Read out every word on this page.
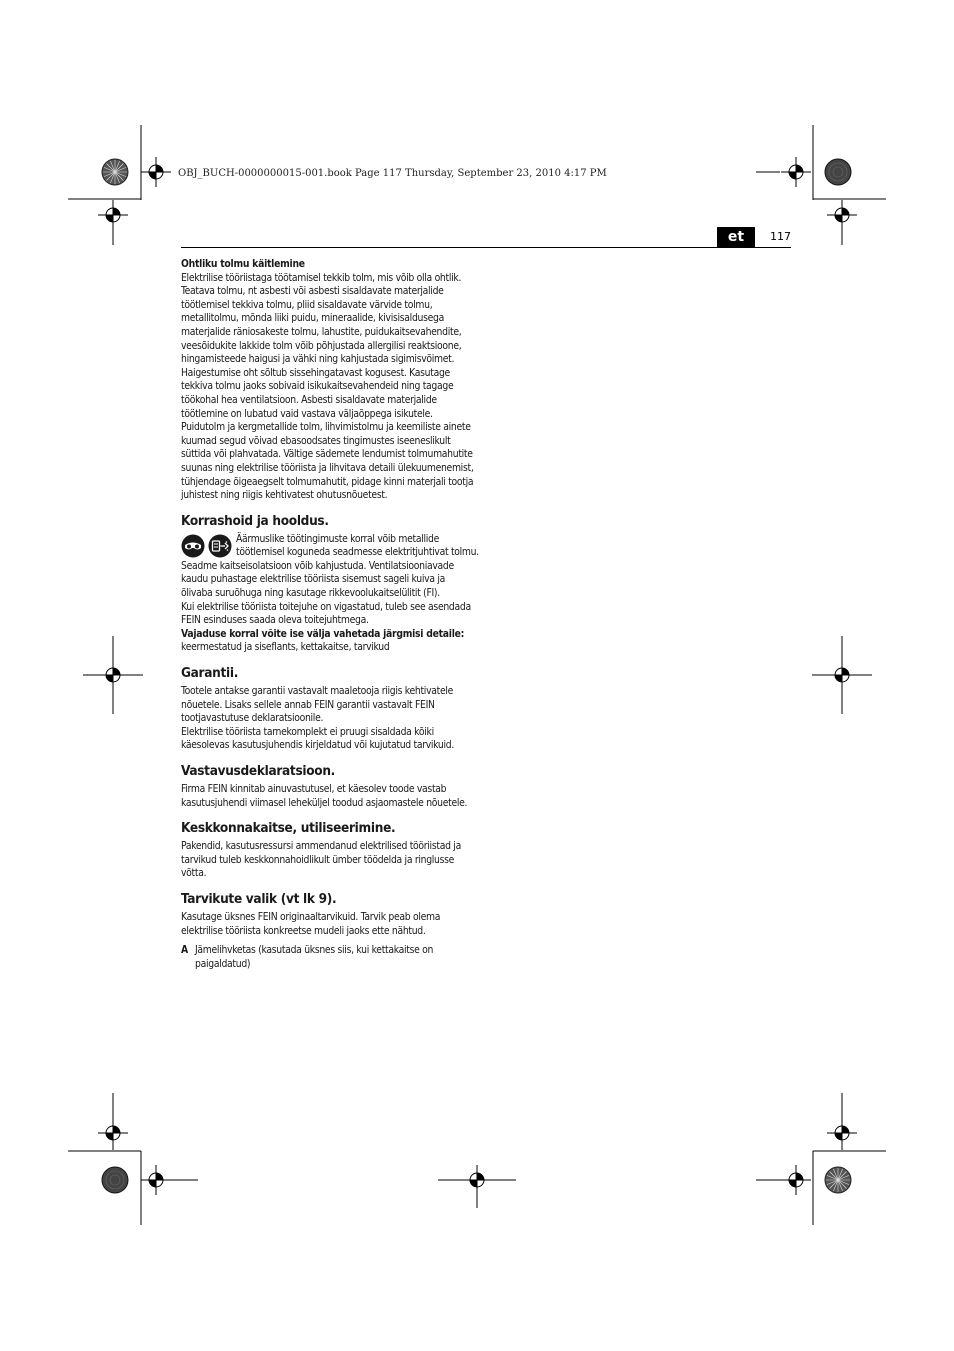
OBJ_BUCH-0000000015-001.book Page 117 Thursday, September 23, 2010 4:17 PM
et	117

Ohtliku tolmu käitlemine

Elektrilise tööriistaga töötamisel tekkib tolm, mis võib olla ohtlik.

Teatava tolmu, nt asbesti või asbesti sisaldavate materjalide töötlemisel tekkiva tolmu, pliid sisaldavate värvide tolmu, metallitolmu, mõnda liiki puidu, mineraalide, kivisisaldusega materjalide räniosakeste tolmu, lahustite, puidukaitsevahendite, veesõidukite lakkide tolm võib põhjustada allergilisi reaktsioone, hingamisteede haigusi ja vähki ning kahjustada sigimisvõimet. Haigestumise oht sõltub sissehingatavast kogusest. Kasutage tekkiva tolmu jaoks sobivaid isikukaitsevahendeid ning tagage töökohal hea ventilatsioon. Asbesti sisaldavate materjalide töötlemine on lubatud vaid vastava väljaõppega isikutele.

Puidutolm ja kergmetallide tolm, lihvimistolmu ja keemiliste ainete kuumad segud võivad ebasoodsates tingimustes iseeneslikult süttida või plahvatada. Vältige sädemete lendumist tolmumahutite suunas ning elektrilise tööriista ja lihvitava detaili ülekuumenemist, tühjendage õigeaegselt tolmumahutit, pidage kinni materjali tootja juhistest ning riigis kehtivatest ohutusnõuetest.

Korrashoid ja hooldus.

Äärmuslike töötingimuste korral võib metallide töötlemisel koguneda seadmesse elektritjuhtivat tolmu. Seadme kaitseisolatsioon võib kahjustuda. Ventilatsiooniavade kaudu puhastage elektrilise tööriista sisemust sageli kuiva ja õlivaba suruõhuga ning kasutage rikkevoolukaitselülitit (FI).

Kui elektrilise tööriista toitejuhe on vigastatud, tuleb see asendada FEIN esinduses saada oleva toitejuhtmega.

Vajaduse korral võite ise välja vahetada järgmisi detaile:

keermestatud ja siseflants, kettakaitse, tarvikud

Garantii.

Tootele antakse garantii vastavalt maaletooja riigis kehtivatele nõuetele. Lisaks sellele annab FEIN garantii vastavalt FEIN tootjavastutuse deklaratsioonile.

Elektrilise tööriista tarnekomplekt ei pruugi sisaldada kõiki käesolevas kasutusjuhendis kirjeldatud või kujutatud tarvikuid.

Vastavusdeklaratsioon.

Firma FEIN kinnitab ainuvastutusel, et käesolev toode vastab kasutusjuhendi viimasel leheküljel toodud asjaomastele nõuetele.

Keskkonnakaitse, utiliseerimine.

Pakendid, kasutusressursi ammendanud elektrilised tööriistad ja tarvikud tuleb keskkonnahoidlikult ümber töödelda ja ringlusse võtta.

Tarvikute valik (vt lk 9).

Kasutage üksnes FEIN originaaltarvikuid. Tarvik peab olema elektrilise tööriista konkreetse mudeli jaoks ette nähtud.

A Jämelihvketas (kasutada üksnes siis, kui kettakaitse on paigaldatud)
